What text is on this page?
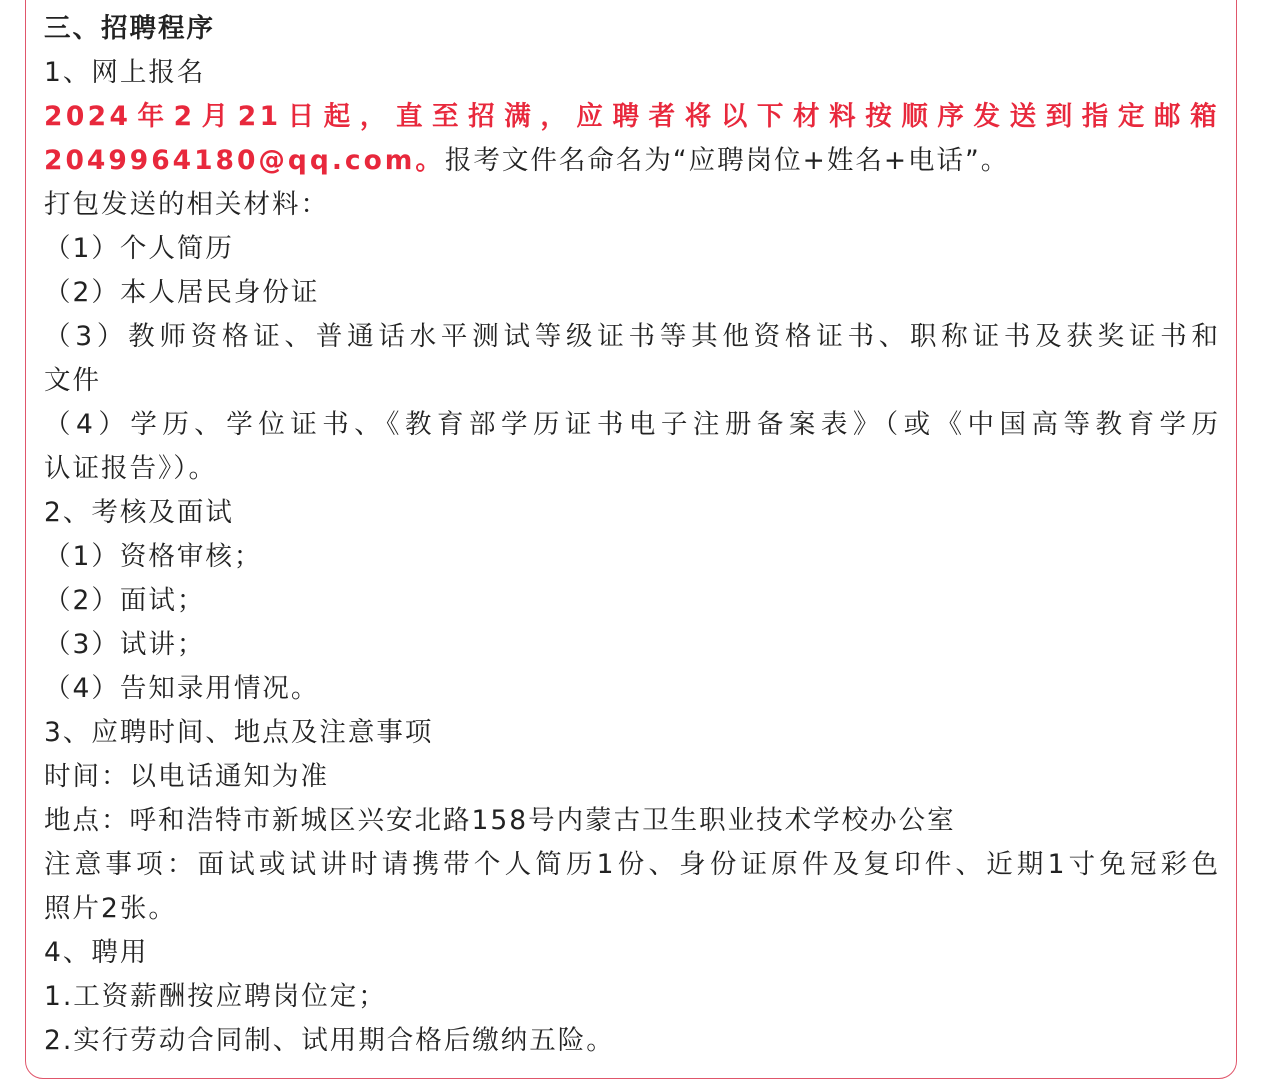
三、招聘程序
1、网上报名
2024年2月21日起，直至招满，应聘者将以下材料按顺序发送到指定邮箱
2049964180@qq.com。报考文件名命名为“应聘岗位+姓名+电话”。
打包发送的相关材料：
（1）个人简历
（2）本人居民身份证
（3）教师资格证、普通话水平测试等级证书等其他资格证书、职称证书及获奖证书和
文件
（4）学历、学位证书、《教育部学历证书电子注册备案表》（或《中国高等教育学历
认证报告》）。
2、考核及面试
（1）资格审核；
（2）面试；
（3）试讲；
（4）告知录用情况。
3、应聘时间、地点及注意事项
时间：以电话通知为准
地点：呼和浩特市新城区兴安北路158号内蒙古卫生职业技术学校办公室
注意事项：面试或试讲时请携带个人简历1份、身份证原件及复印件、近期1寸免冠彩色
照片2张。
4、聘用
1.工资薪酬按应聘岗位定；
2.实行劳动合同制、试用期合格后缴纳五险。
